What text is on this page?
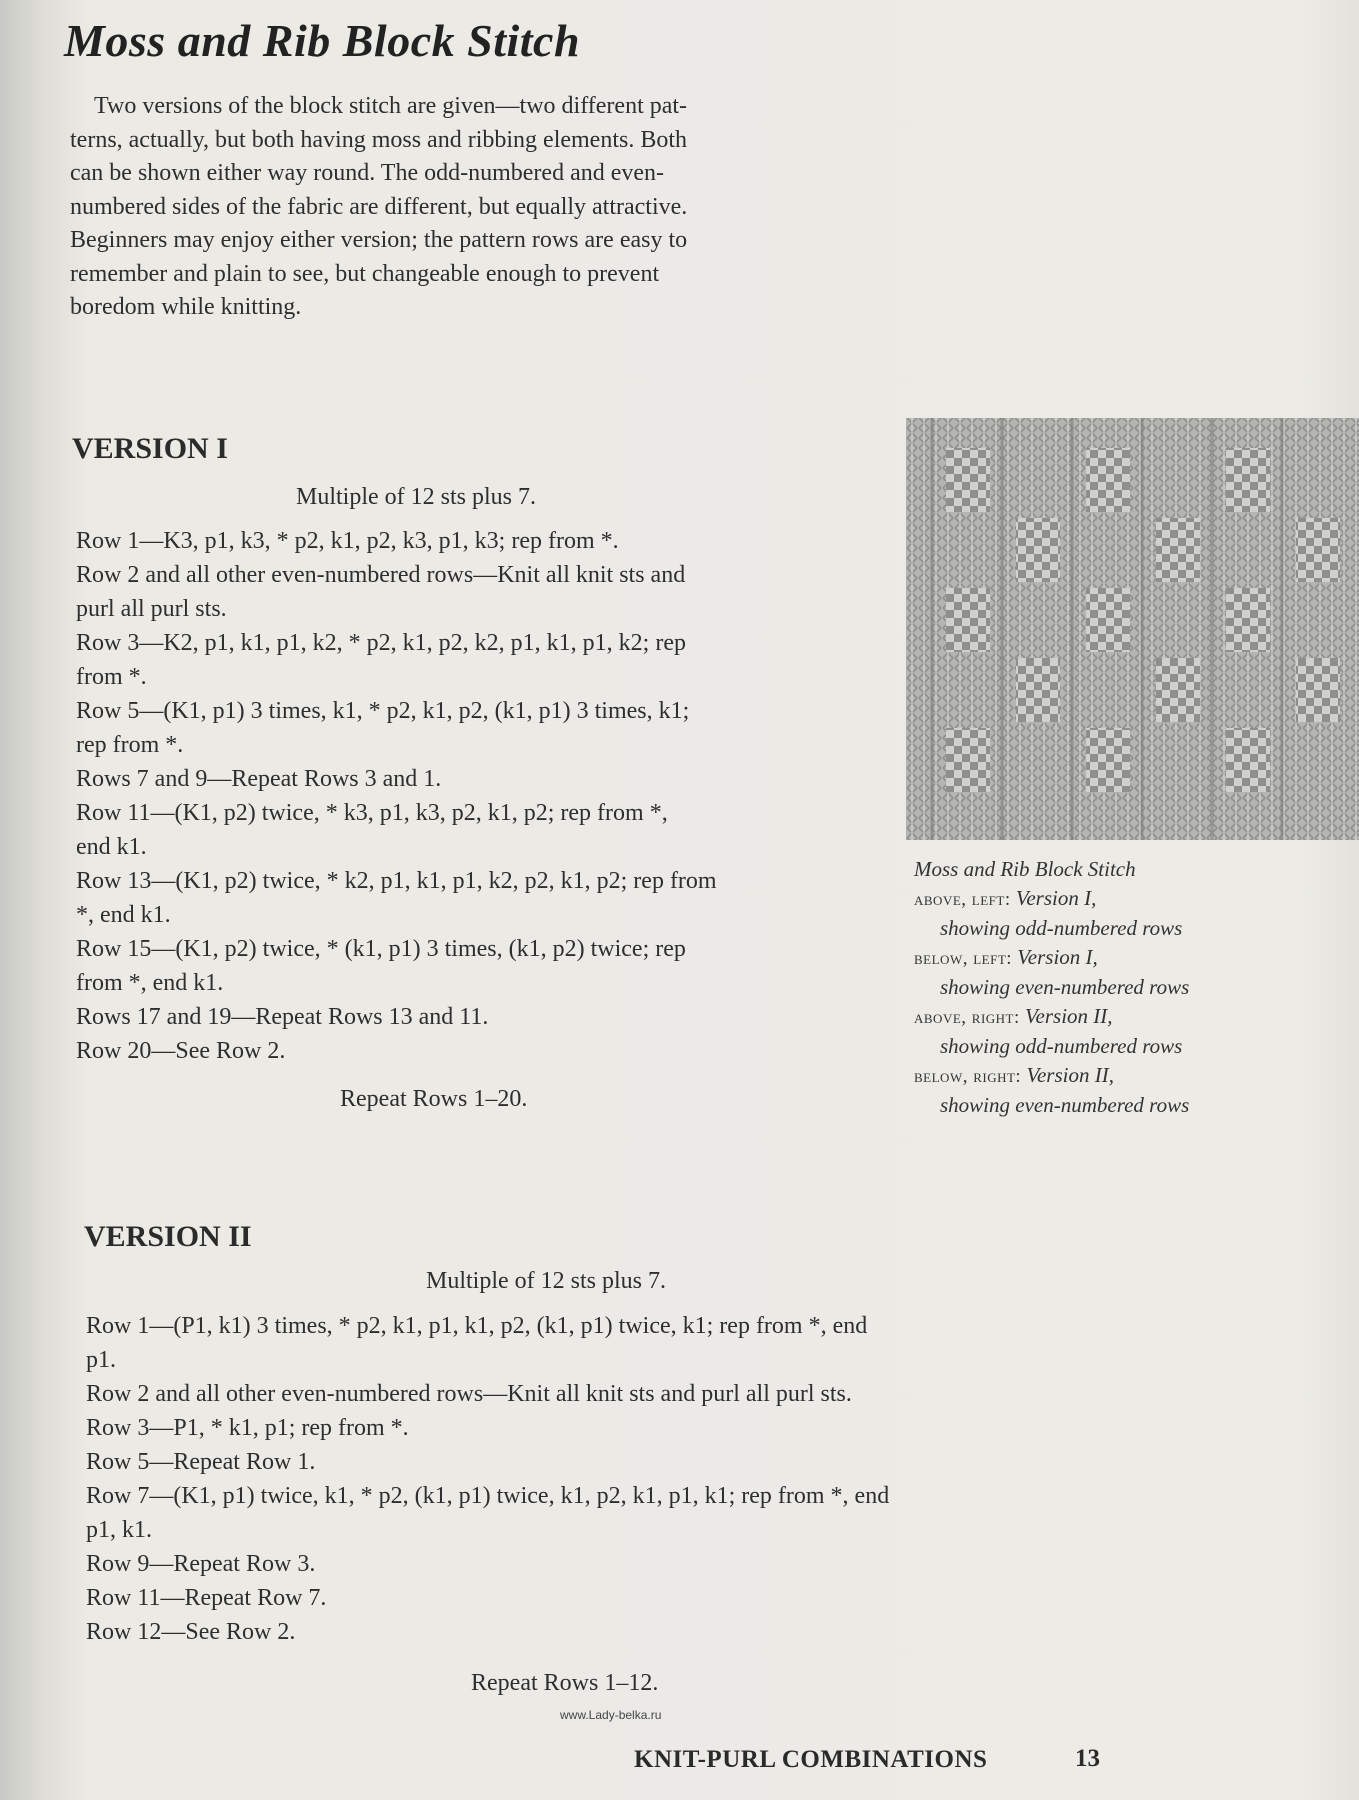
Moss and Rib Block Stitch
Two versions of the block stitch are given—two different pat-
terns, actually, but both having moss and ribbing elements. Both
can be shown either way round. The odd-numbered and even-
numbered sides of the fabric are different, but equally attractive.
Beginners may enjoy either version; the pattern rows are easy to
remember and plain to see, but changeable enough to prevent
boredom while knitting.
VERSION I
Multiple of 12 sts plus 7.
Row 1—K3, p1, k3, * p2, k1, p2, k3, p1, k3; rep from *.
Row 2 and all other even-numbered rows—Knit all knit sts and
purl all purl sts.
Row 3—K2, p1, k1, p1, k2, * p2, k1, p2, k2, p1, k1, p1, k2; rep
from *.
Row 5—(K1, p1) 3 times, k1, * p2, k1, p2, (k1, p1) 3 times, k1;
rep from *.
Rows 7 and 9—Repeat Rows 3 and 1.
Row 11—(K1, p2) twice, * k3, p1, k3, p2, k1, p2; rep from *,
end k1.
Row 13—(K1, p2) twice, * k2, p1, k1, p1, k2, p2, k1, p2; rep from
*, end k1.
Row 15—(K1, p2) twice, * (k1, p1) 3 times, (k1, p2) twice; rep
from *, end k1.
Rows 17 and 19—Repeat Rows 13 and 11.
Row 20—See Row 2.
Repeat Rows 1–20.
Moss and Rib Block Stitch
above, left: Version I,
showing odd-numbered rows
below, left: Version I,
showing even-numbered rows
above, right: Version II,
showing odd-numbered rows
below, right: Version II,
showing even-numbered rows
VERSION II
Multiple of 12 sts plus 7.
Row 1—(P1, k1) 3 times, * p2, k1, p1, k1, p2, (k1, p1) twice, k1; rep from *, end
p1.
Row 2 and all other even-numbered rows—Knit all knit sts and purl all purl sts.
Row 3—P1, * k1, p1; rep from *.
Row 5—Repeat Row 1.
Row 7—(K1, p1) twice, k1, * p2, (k1, p1) twice, k1, p2, k1, p1, k1; rep from *, end
p1, k1.
Row 9—Repeat Row 3.
Row 11—Repeat Row 7.
Row 12—See Row 2.
Repeat Rows 1–12.
www.Lady-belka.ru
KNIT-PURL COMBINATIONS	13
